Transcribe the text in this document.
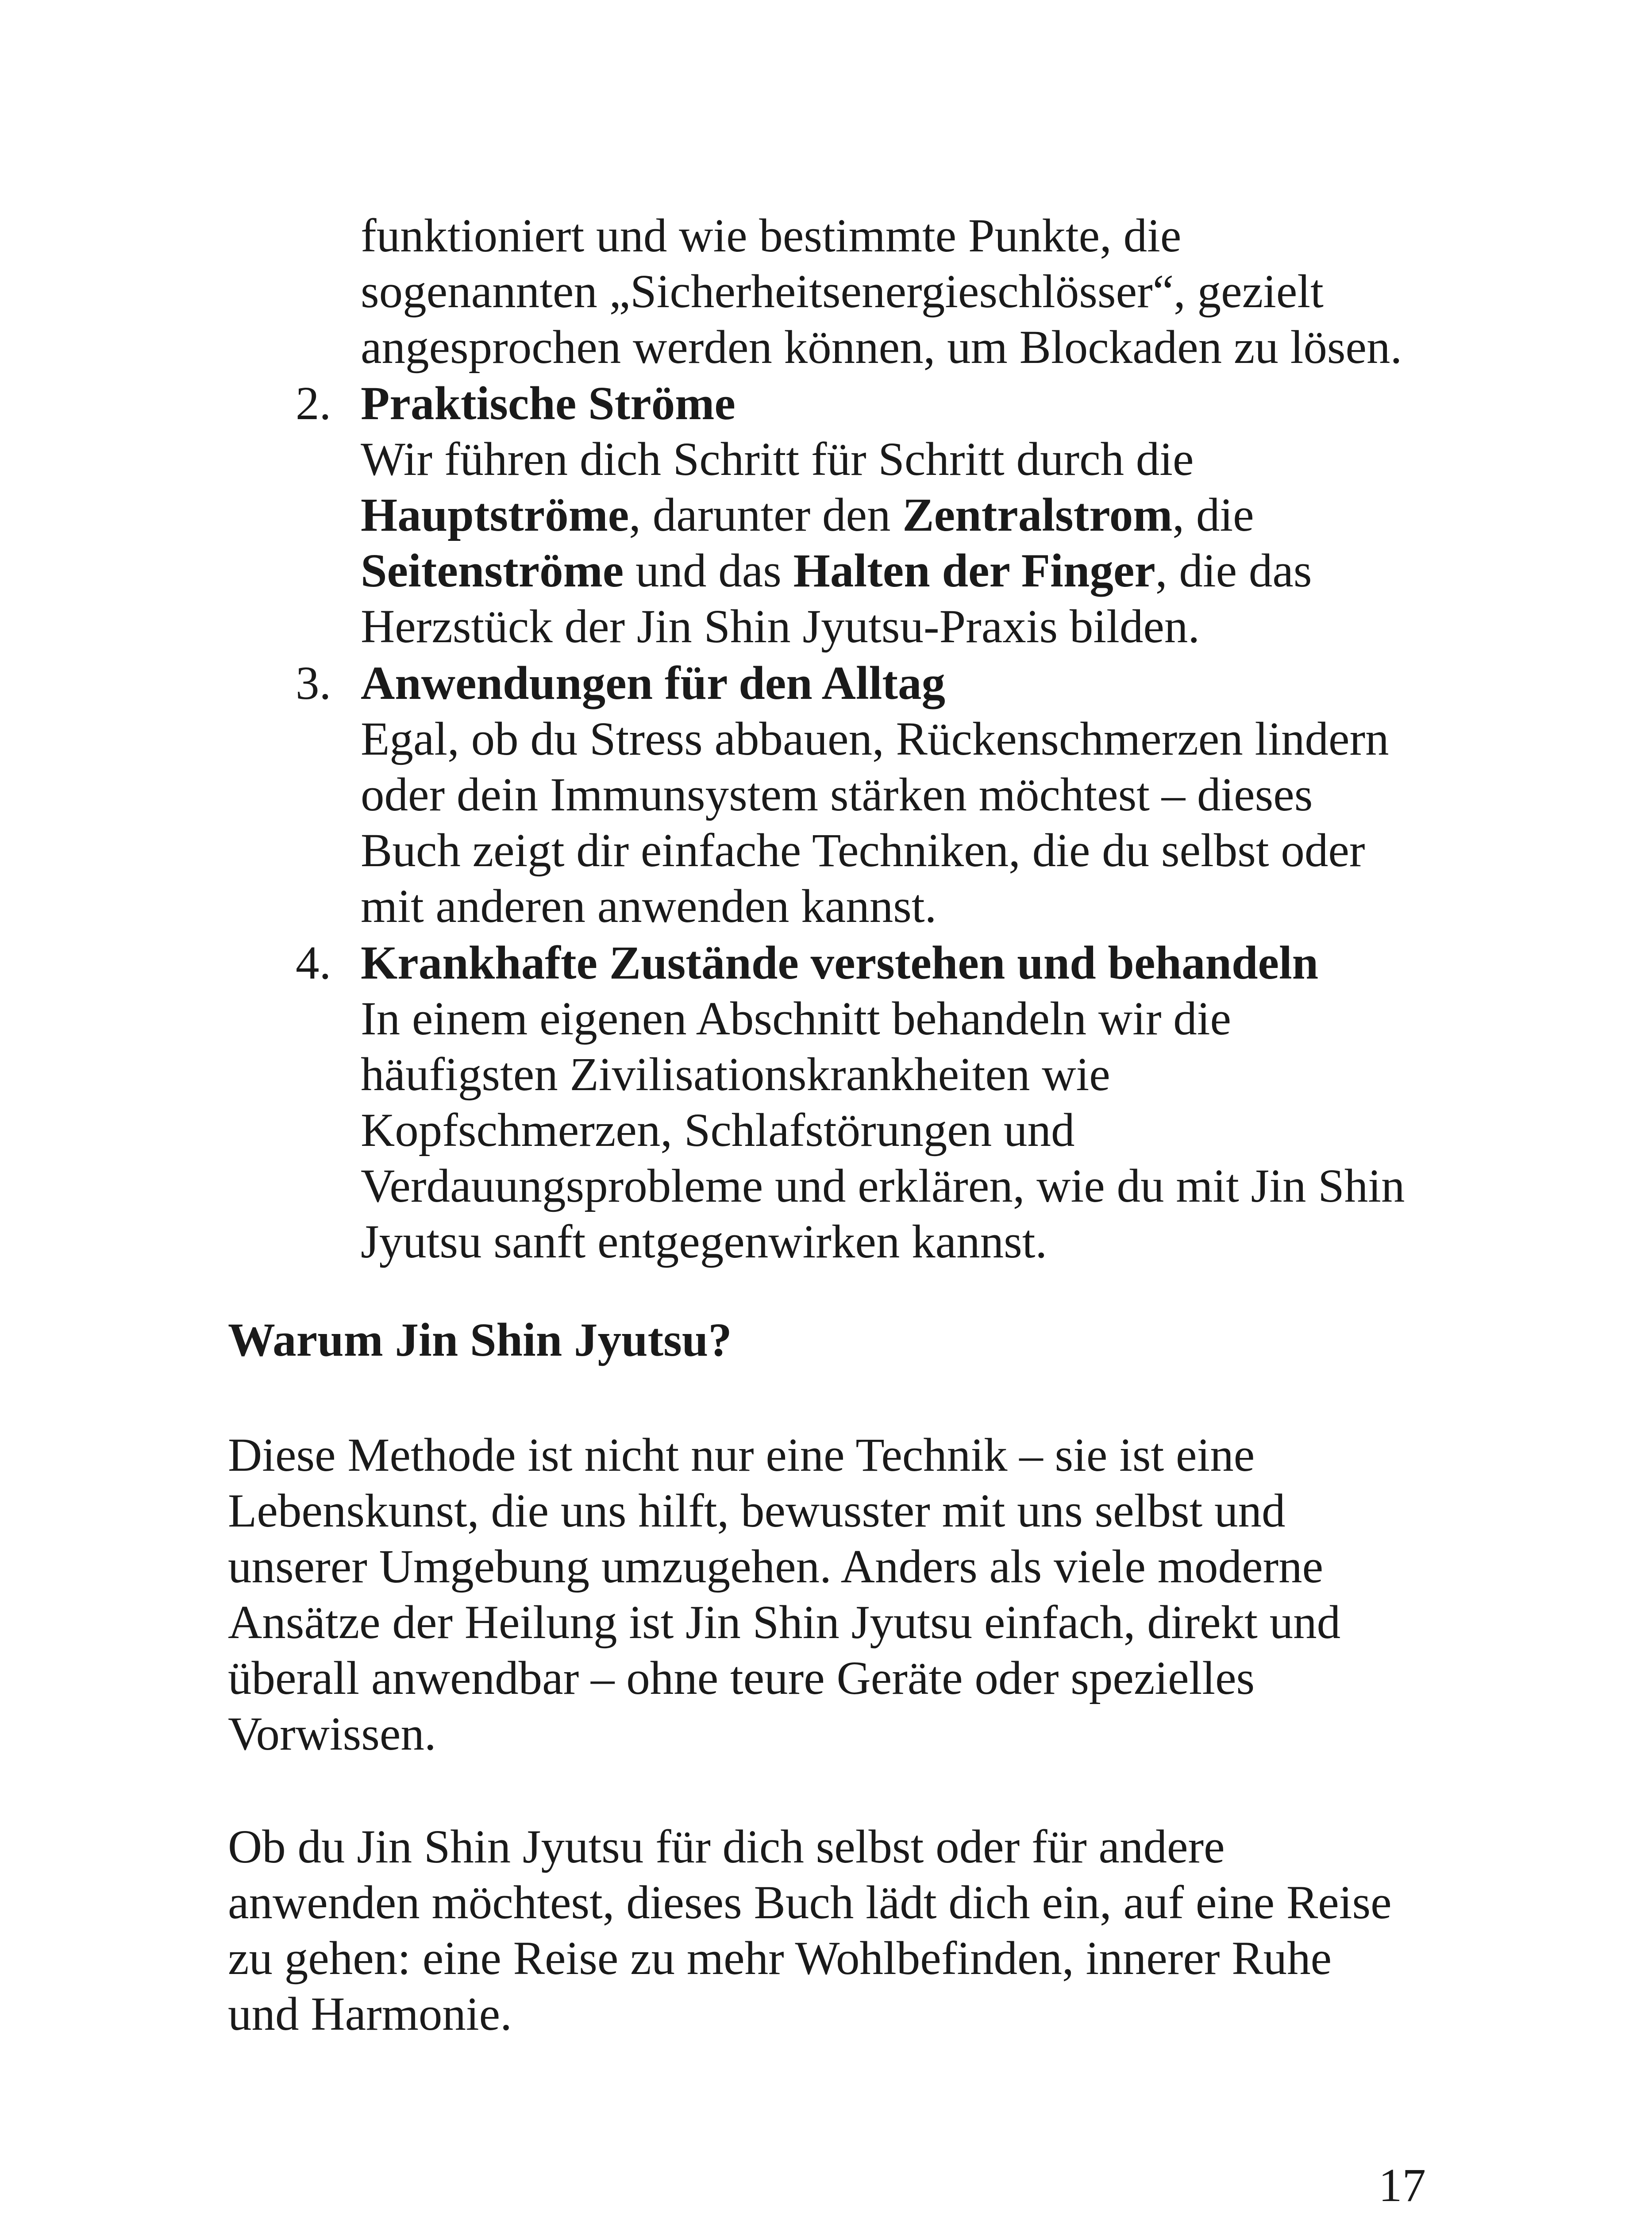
funktioniert und wie bestimmte Punkte, die
sogenannten „Sicherheitsenergieschlösser“, gezielt
angesprochen werden können, um Blockaden zu lösen.
2. Praktische Ströme
Wir führen dich Schritt für Schritt durch die
Hauptströme, darunter den Zentralstrom, die
Seitenströme und das Halten der Finger, die das
Herzstück der Jin Shin Jyutsu-Praxis bilden.
3. Anwendungen für den Alltag
Egal, ob du Stress abbauen, Rückenschmerzen lindern
oder dein Immunsystem stärken möchtest – dieses
Buch zeigt dir einfache Techniken, die du selbst oder
mit anderen anwenden kannst.
4. Krankhafte Zustände verstehen und behandeln
In einem eigenen Abschnitt behandeln wir die
häufigsten Zivilisationskrankheiten wie
Kopfschmerzen, Schlafstörungen und
Verdauungsprobleme und erklären, wie du mit Jin Shin
Jyutsu sanft entgegenwirken kannst.
Warum Jin Shin Jyutsu?
Diese Methode ist nicht nur eine Technik – sie ist eine
Lebenskunst, die uns hilft, bewusster mit uns selbst und
unserer Umgebung umzugehen. Anders als viele moderne
Ansätze der Heilung ist Jin Shin Jyutsu einfach, direkt und
überall anwendbar – ohne teure Geräte oder spezielles
Vorwissen.
Ob du Jin Shin Jyutsu für dich selbst oder für andere
anwenden möchtest, dieses Buch lädt dich ein, auf eine Reise
zu gehen: eine Reise zu mehr Wohlbefinden, innerer Ruhe
und Harmonie.
17
